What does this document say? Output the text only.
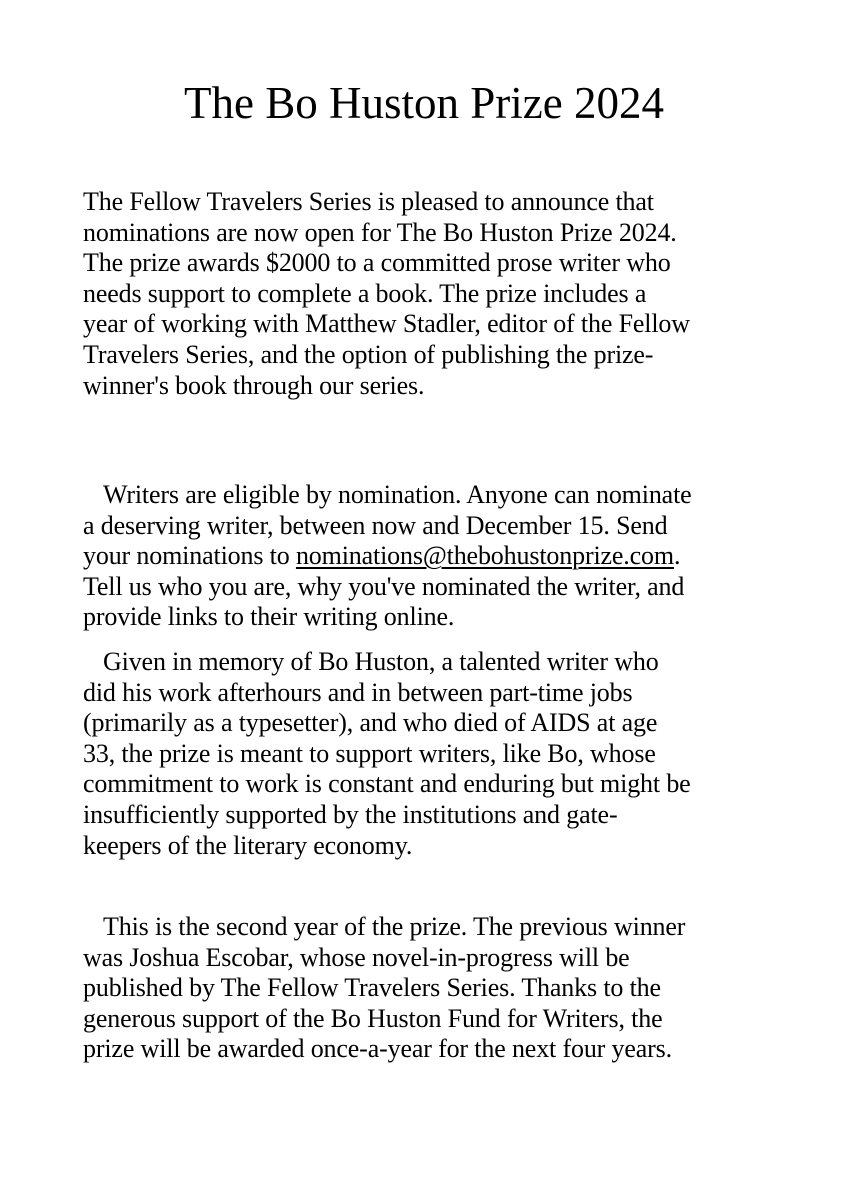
The Bo Huston Prize 2024
The Fellow Travelers Series is pleased to announce that
nominations are now open for The Bo Huston Prize 2024.
The prize awards $2000 to a committed prose writer who
needs support to complete a book. The prize includes a
year of working with Matthew Stadler, editor of the Fellow
Travelers Series, and the option of publishing the prize-
winner's book through our series.
Writers are eligible by nomination. Anyone can nominate
a deserving writer, between now and December 15. Send
your nominations to nominations@thebohustonprize.com.
Tell us who you are, why you've nominated the writer, and
provide links to their writing online.
Given in memory of Bo Huston, a talented writer who
did his work afterhours and in between part-time jobs
(primarily as a typesetter), and who died of AIDS at age
33, the prize is meant to support writers, like Bo, whose
commitment to work is constant and enduring but might be
insufficiently supported by the institutions and gate-
keepers of the literary economy.
This is the second year of the prize. The previous winner
was Joshua Escobar, whose novel-in-progress will be
published by The Fellow Travelers Series. Thanks to the
generous support of the Bo Huston Fund for Writers, the
prize will be awarded once-a-year for the next four years.
